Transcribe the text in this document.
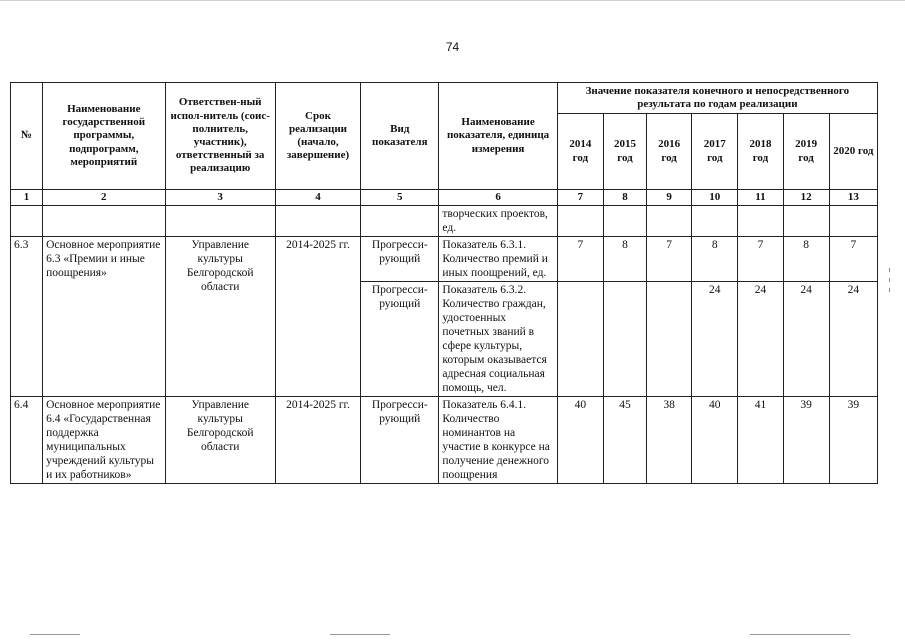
74
№	Наименование государственной программы, подпрограмм, мероприятий	Ответствен-ный испол-нитель (соис-полнитель, участник), ответственный за реализацию	Срок реализации (начало, завершение)	Вид показателя	Наименование показателя, единица измерения	Значение показателя конечного и непосредственного результата по годам реализации						
						2014 год	2015 год	2016 год	2017 год	2018 год	2019 год	2020 год
1	2	3	4	5	6	7	8	9	10	11	12	13
					творческих проектов, ед.							
6.3	Основное мероприятие 6.3 «Премии и иные поощрения»	Управление культуры Белгородской области	2014-2025 гг.	Прогресси-рующий	Показатель 6.3.1. Количество премий и иных поощрений, ед.	7	8	7	8	7	8	7
				Прогресси-рующий	Показатель 6.3.2. Количество граждан, удостоенных почетных званий в сфере культуры, которым оказывается адресная социальная помощь, чел.				24	24	24	24
6.4	Основное мероприятие 6.4 «Государственная поддержка муниципальных учреждений культуры и их работников»	Управление культуры Белгородской области	2014-2025 гг.	Прогресси-рующий	Показатель 6.4.1. Количество номинантов на участие в конкурсе на получение денежного поощрения	40	45	38	40	41	39	39
